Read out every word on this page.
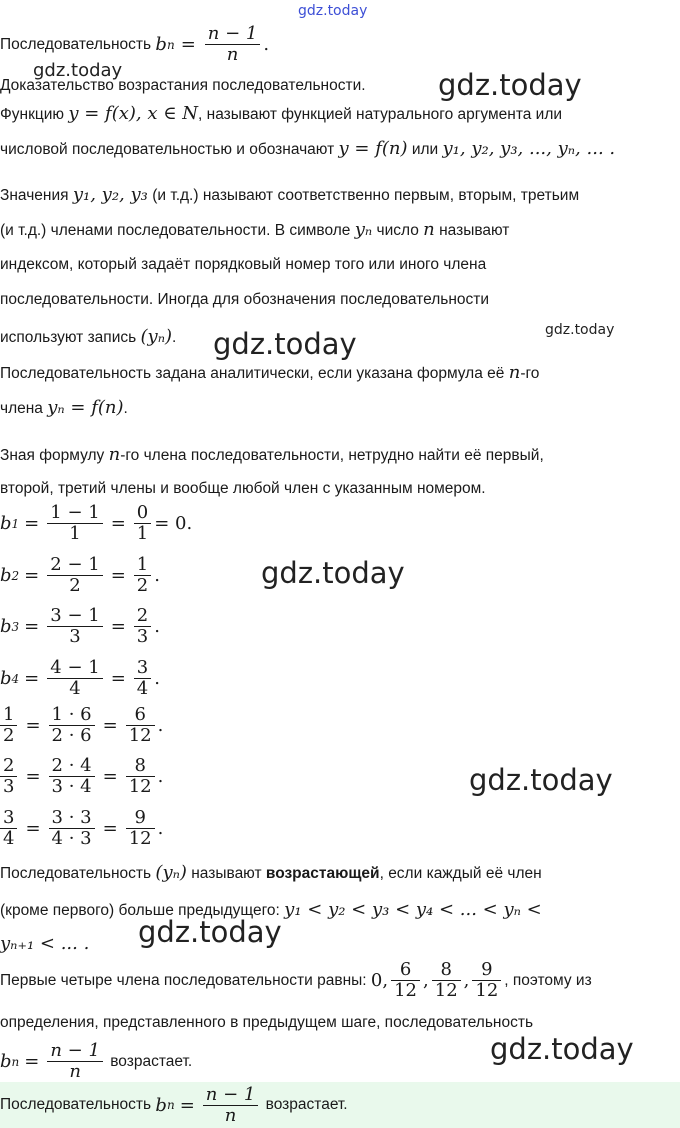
gdz.today
gdz.today	gdz.today
gdz.today
gdz.today
gdz.today
gdz.today
gdz.today
gdz.today
Последовательность
b $n = \frac{n - 1}{n}$ .
Доказательство возрастания последовательности.
Функцию y = f(x), x ∈ N, называют функцией натурального аргумента или
числовой последовательностью и обозначают y = f(n) или y₁, y₂, y₃, ..., yₙ, ... .
Значения y₁, y₂, y₃ (и т.д.) называют соответственно первым, вторым, третьим
(и т.д.) членами последовательности. В символе yₙ число n называют
индексом, который задаёт порядковый номер того или иного члена
последовательности. Иногда для обозначения последовательности
используют запись (yₙ).
Последовательность задана аналитически, если указана формула её n-го
члена yₙ = f(n).
Зная формулу n-го члена последовательности, нетрудно найти её первый,
второй, третий члены и вообще любой член с указанным номером.
b $1 = \frac{1 - 1}{1} = \frac{0}{1} = 0$.
b $2 = \frac{2 - 1}{2} = \frac{1}{2}$ .
b $3 = \frac{3 - 1}{3} = \frac{2}{3}$ .
b $4 = \frac{4 - 1}{4} = \frac{3}{4}$ .
$\frac{1}{2} = \frac{1 \cdot 6}{2 \cdot 6} = \frac{6}{12}$ .
$\frac{2}{3} = \frac{2 \cdot 4}{3 \cdot 4} = \frac{8}{12}$ .
$\frac{3}{4} = \frac{3 \cdot 3}{4 \cdot 3} = \frac{9}{12}$ .
Последовательность (yₙ) называют возрастающей, если каждый её член
(кроме первого) больше предыдущего: y₁ < y₂ < y₃ < y₄ < ... < yₙ <
yₙ₊₁ < ... .
Первые четыре члена последовательности равны:
0, $\frac{6}{12}$ , $\frac{8}{12}$ , $\frac{9}{12}$ , поэтому из
определения, представленного в предыдущем шаге, последовательность
b $n = \frac{n - 1}{n}$
возрастает.
Последовательность
b $n = \frac{n - 1}{n}$
возрастает.
